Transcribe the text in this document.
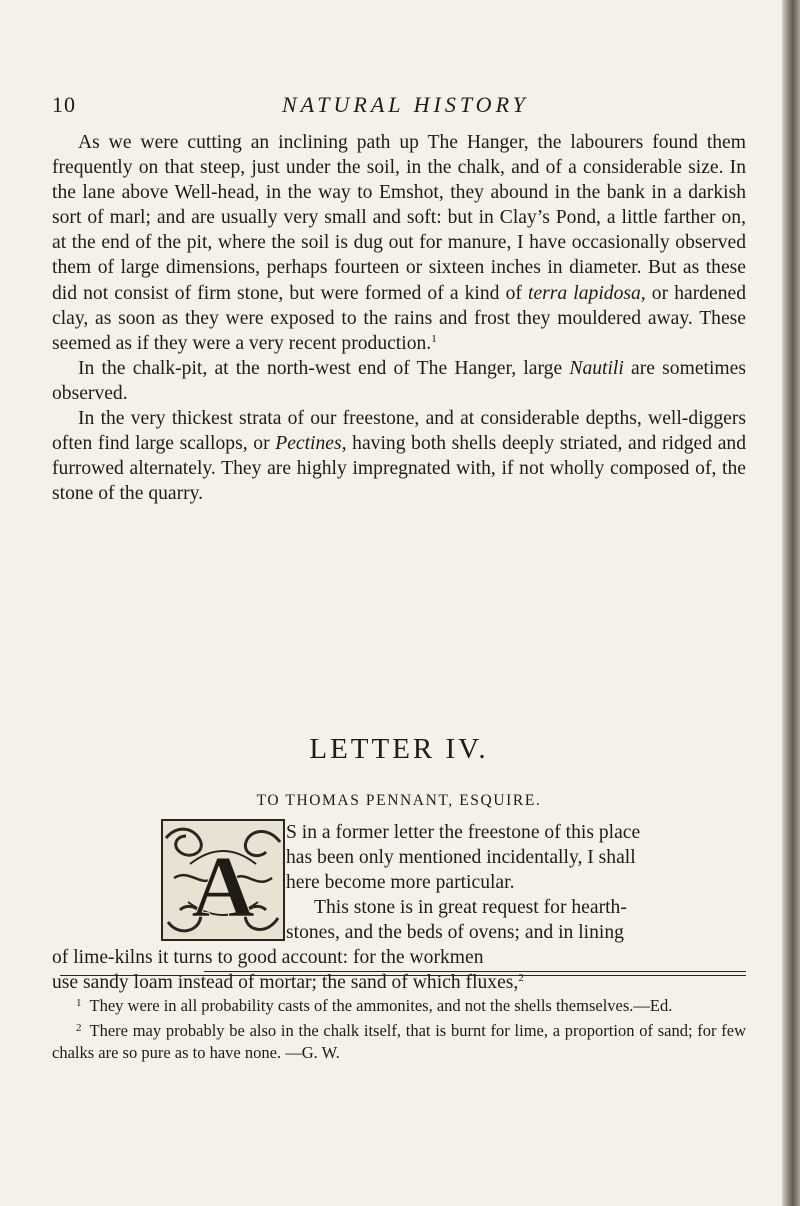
10	NATURAL HISTORY

As we were cutting an inclining path up The Hanger, the labourers found them frequently on that steep, just under the soil, in the chalk, and of a considerable size. In the lane above Well-head, in the way to Emshot, they abound in the bank in a darkish sort of marl; and are usually very small and soft: but in Clay’s Pond, a little farther on, at the end of the pit, where the soil is dug out for manure, I have occasionally observed them of large dimensions, perhaps fourteen or sixteen inches in diameter. But as these did not consist of firm stone, but were formed of a kind of terra lapidosa, or hardened clay, as soon as they were exposed to the rains and frost they mouldered away. These seemed as if they were a very recent production.$^1$

In the chalk-pit, at the north-west end of The Hanger, large Nautili are sometimes observed.

In the very thickest strata of our freestone, and at considerable depths, well-diggers often find large scallops, or Pectines, having both shells deeply striated, and ridged and furrowed alternately. They are highly impregnated with, if not wholly composed of, the stone of the quarry.

LETTER IV.
TO THOMAS PENNANT, ESQUIRE.
A
S in a former letter the freestone of this place
has been only mentioned incidentally, I shall
here become more particular.
This stone is in great request for hearth-
stones, and the beds of ovens; and in lining
of lime-kilns it turns to good account: for the workmen
use sandy loam instead of mortar; the sand of which fluxes,$^2$

$^1$ They were in all probability casts of the ammonites, and not the shells themselves.—Ed.

$^2$ There may probably be also in the chalk itself, that is burnt for lime, a proportion of sand; for few chalks are so pure as to have none. —G. W.
